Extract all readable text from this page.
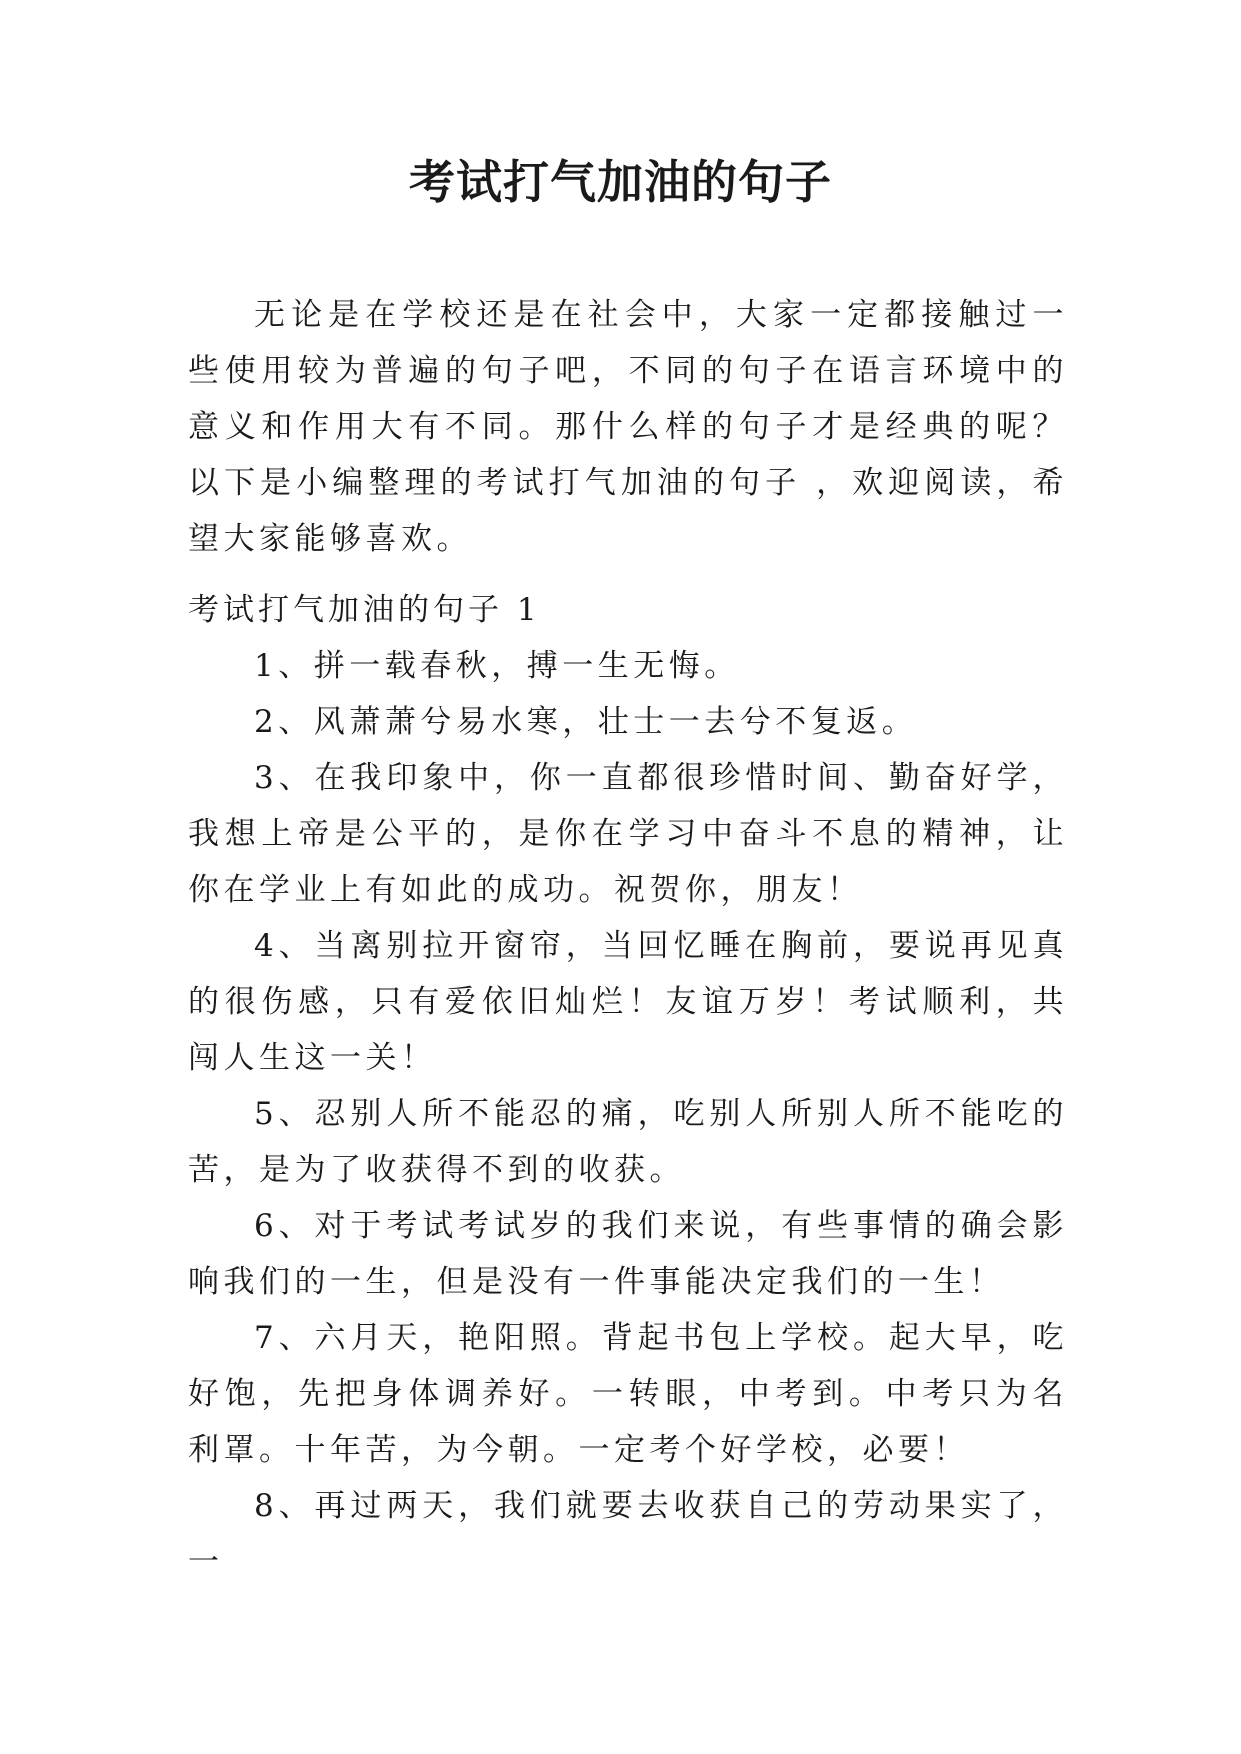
考试打气加油的句子

无论是在学校还是在社会中，大家一定都接触过一些使用较为普遍的句子吧，不同的句子在语言环境中的意义和作用大有不同。那什么样的句子才是经典的呢？以下是小编整理的考试打气加油的句子 ，欢迎阅读，希望大家能够喜欢。

考试打气加油的句子 1

1、拼一载春秋，搏一生无悔。

2、风萧萧兮易水寒，壮士一去兮不复返。

3、在我印象中，你一直都很珍惜时间、勤奋好学，我想上帝是公平的，是你在学习中奋斗不息的精神，让你在学业上有如此的成功。祝贺你，朋友！

4、当离别拉开窗帘，当回忆睡在胸前，要说再见真的很伤感，只有爱依旧灿烂！友谊万岁！考试顺利，共闯人生这一关！

5、忍别人所不能忍的痛，吃别人所别人所不能吃的苦，是为了收获得不到的收获。

6、对于考试考试岁的我们来说，有些事情的确会影响我们的一生，但是没有一件事能决定我们的一生！

7、六月天，艳阳照。背起书包上学校。起大早，吃好饱，先把身体调养好。一转眼，中考到。中考只为名利罩。十年苦，为今朝。一定考个好学校，必要！

8、再过两天，我们就要去收获自己的劳动果实了，一
